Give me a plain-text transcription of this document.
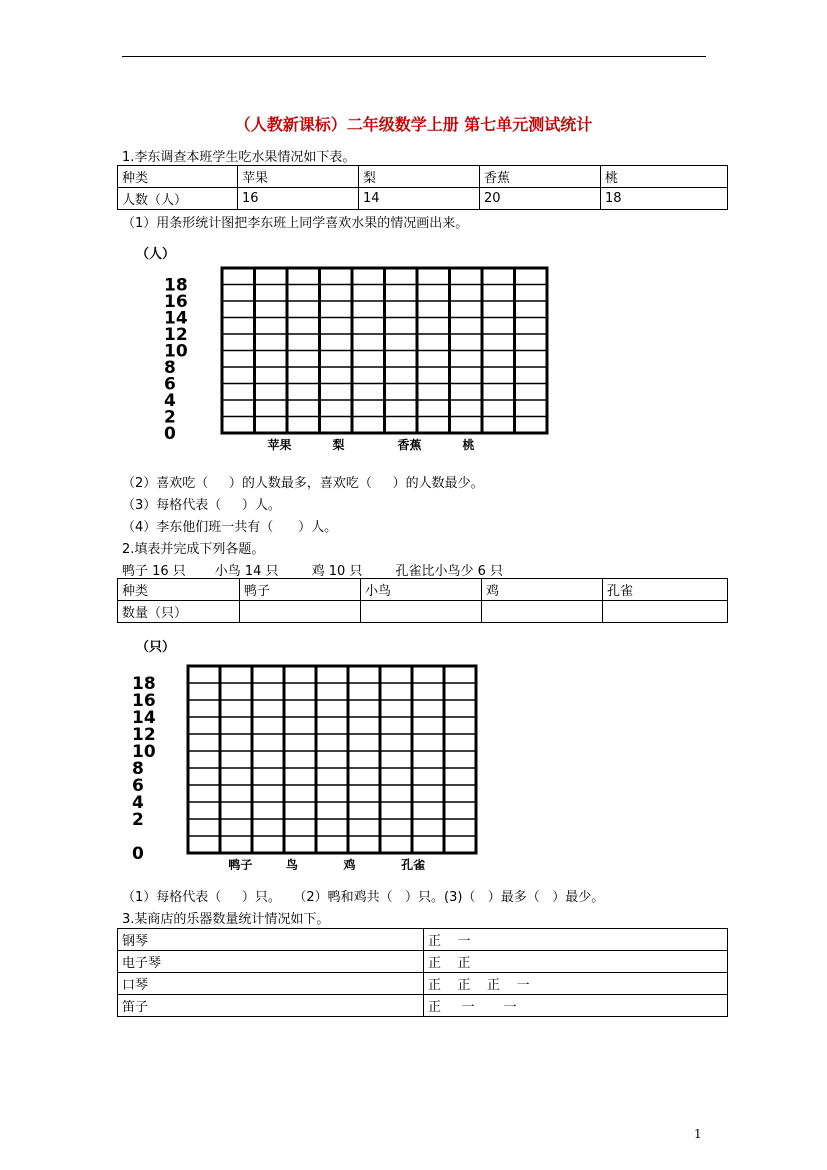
（人教新课标）二年级数学上册 第七单元测试统计
1.李东调查本班学生吃水果情况如下表。
种类	苹果	梨	香蕉	桃
人数（人）	16	14	20	18
（1）用条形统计图把李东班上同学喜欢水果的情况画出来。
（人）
18
16
14
12
10
8
6
4
2
0
苹果	梨	香蕉	桃
（2）喜欢吃（     ）的人数最多，喜欢吃（     ）的人数最少。
（3）每格代表（     ）人。
（4）李东他们班一共有（      ）人。
2.填表并完成下列各题。
鸭子 16 只       小鸟 14 只        鸡 10 只        孔雀比小鸟少 6 只
种类	鸭子	小鸟	鸡	孔雀
数量（只）				
（只）
18
16
14
12
10
8
6
4
2
0
鸭子	鸟	鸡	孔雀
（1）每格代表（     ）只。   （2）鸭和鸡共（   ）只。(3)（   ）最多（   ）最少。
3.某商店的乐器数量统计情况如下。
钢琴	正    一
电子琴	正    正
口琴	正    正    正    一
笛子	正     一       一
1
